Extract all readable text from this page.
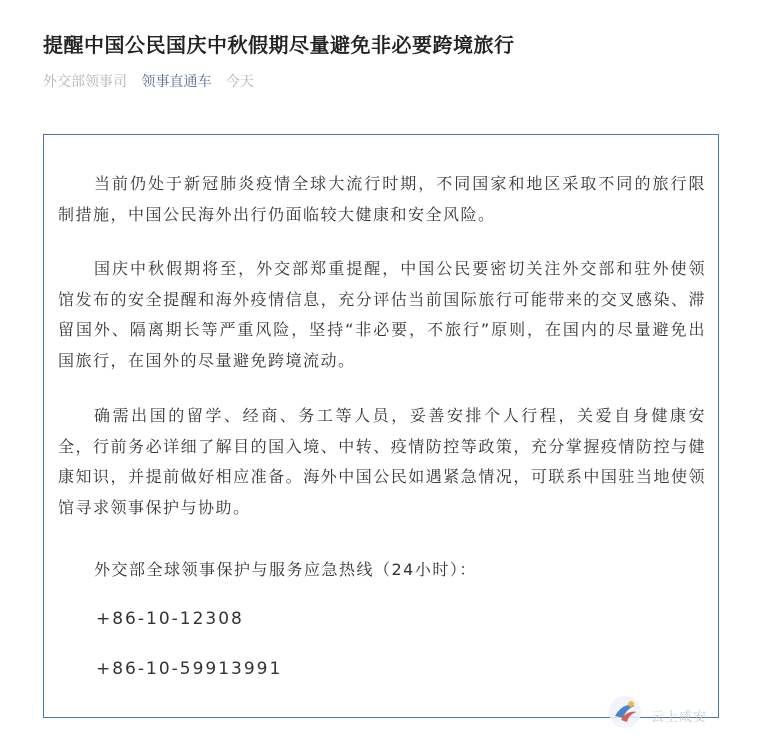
提醒中国公民国庆中秋假期尽量避免非必要跨境旅行
外交部领事司 领事直通车 今天
当前仍处于新冠肺炎疫情全球大流行时期，不同国家和地区采取不同的旅行限制措施，中国公民海外出行仍面临较大健康和安全风险。
国庆中秋假期将至，外交部郑重提醒，中国公民要密切关注外交部和驻外使领馆发布的安全提醒和海外疫情信息，充分评估当前国际旅行可能带来的交叉感染、滞留国外、隔离期长等严重风险，坚持“非必要，不旅行”原则，在国内的尽量避免出国旅行，在国外的尽量避免跨境流动。
确需出国的留学、经商、务工等人员，妥善安排个人行程，关爱自身健康安全，行前务必详细了解目的国入境、中转、疫情防控等政策，充分掌握疫情防控与健康知识，并提前做好相应准备。海外中国公民如遇紧急情况，可联系中国驻当地使领馆寻求领事保护与协助。
外交部全球领事保护与服务应急热线（24小时）：
+86-10-12308
+86-10-59913991
云上咸安
